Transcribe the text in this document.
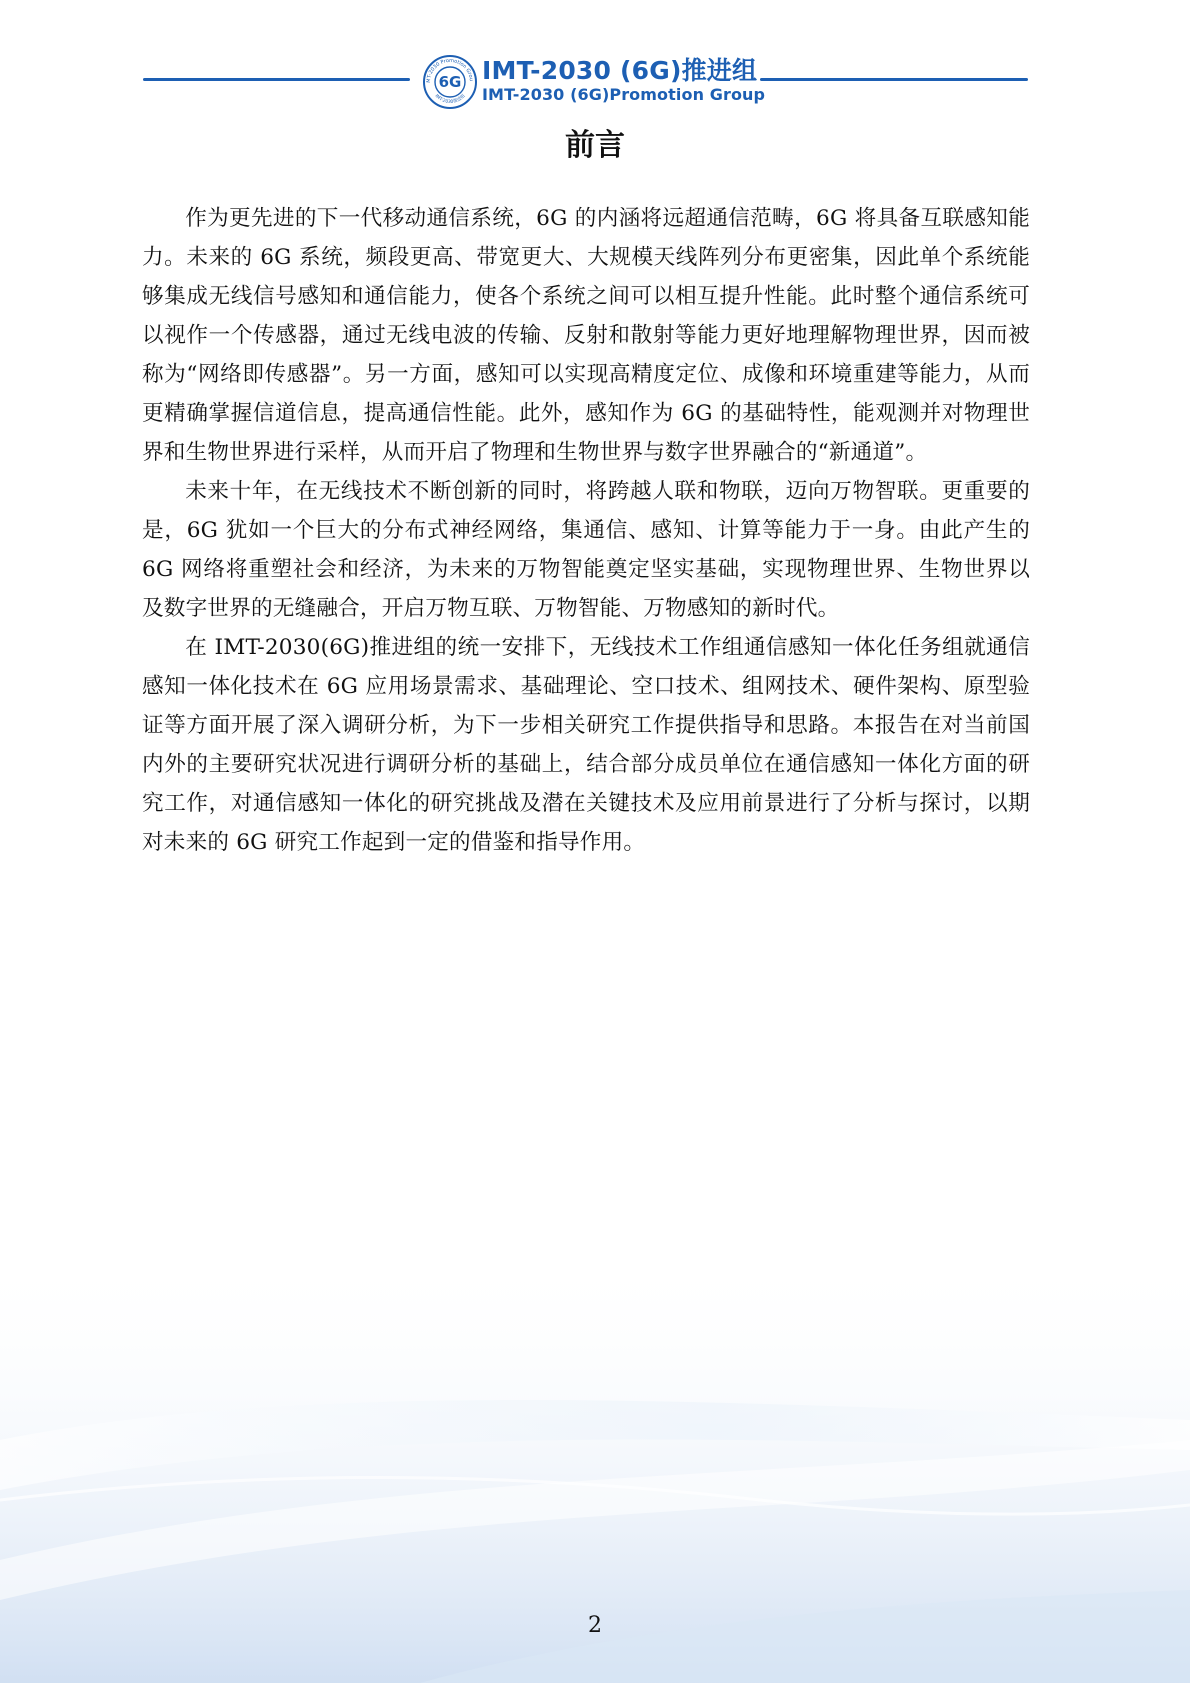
MT-2030 Promotion Grou
IMT-2030推进组
6G IMT-2030 (6G)推进组
IMT-2030 (6G)Promotion Group
前言

作为更先进的下一代移动通信系统，6G 的内涵将远超通信范畴，6G 将具备互联感知能力。未来的 6G 系统，频段更高、带宽更大、大规模天线阵列分布更密集，因此单个系统能够集成无线信号感知和通信能力，使各个系统之间可以相互提升性能。此时整个通信系统可以视作一个传感器，通过无线电波的传输、反射和散射等能力更好地理解物理世界，因而被称为“网络即传感器”。另一方面，感知可以实现高精度定位、成像和环境重建等能力，从而更精确掌握信道信息，提高通信性能。此外，感知作为 6G 的基础特性，能观测并对物理世界和生物世界进行采样，从而开启了物理和生物世界与数字世界融合的“新通道”。

未来十年，在无线技术不断创新的同时，将跨越人联和物联，迈向万物智联。更重要的是，6G 犹如一个巨大的分布式神经网络，集通信、感知、计算等能力于一身。由此产生的 6G 网络将重塑社会和经济，为未来的万物智能奠定坚实基础，实现物理世界、生物世界以及数字世界的无缝融合，开启万物互联、万物智能、万物感知的新时代。

在 IMT-2030(6G)推进组的统一安排下，无线技术工作组通信感知一体化任务组就通信感知一体化技术在 6G 应用场景需求、基础理论、空口技术、组网技术、硬件架构、原型验证等方面开展了深入调研分析，为下一步相关研究工作提供指导和思路。本报告在对当前国内外的主要研究状况进行调研分析的基础上，结合部分成员单位在通信感知一体化方面的研究工作，对通信感知一体化的研究挑战及潜在关键技术及应用前景进行了分析与探讨，以期对未来的 6G 研究工作起到一定的借鉴和指导作用。

2
